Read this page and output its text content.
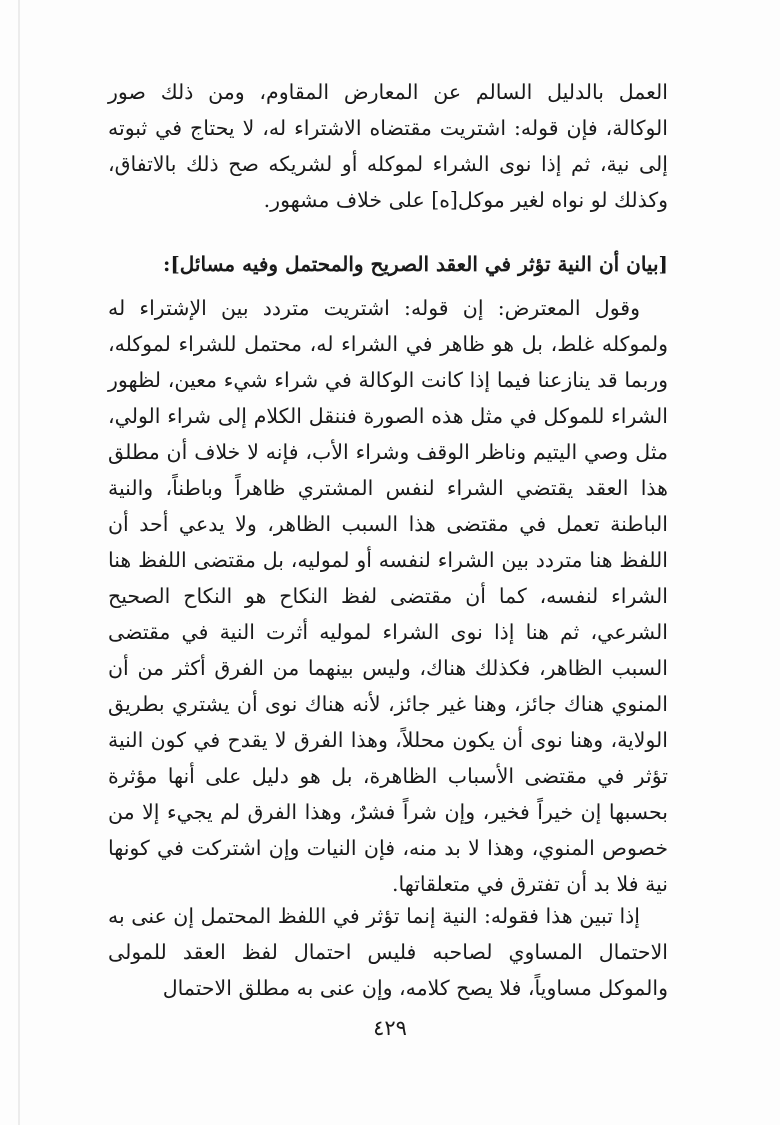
العمل بالدليل السالم عن المعارض المقاوم، ومن ذلك صور الوكالة، فإن قوله: اشتريت مقتضاه الاشتراء له، لا يحتاج في ثبوته إلى نية، ثم إذا نوى الشراء لموكله أو لشريكه صح ذلك بالاتفاق، وكذلك لو نواه لغير موكل[ه] على خلاف مشهور.

[بيان أن النية تؤثر في العقد الصريح والمحتمل وفيه مسائل]:

وقول المعترض: إن قوله: اشتريت متردد بين الإشتراء له ولموكله غلط، بل هو ظاهر في الشراء له، محتمل للشراء لموكله، وربما قد ينازعنا فيما إذا كانت الوكالة في شراء شيء معين، لظهور الشراء للموكل في مثل هذه الصورة فننقل الكلام إلى شراء الولي، مثل وصي اليتيم وناظر الوقف وشراء الأب، فإنه لا خلاف أن مطلق هذا العقد يقتضي الشراء لنفس المشتري ظاهراً وباطناً، والنية الباطنة تعمل في مقتضى هذا السبب الظاهر، ولا يدعي أحد أن اللفظ هنا متردد بين الشراء لنفسه أو لموليه، بل مقتضى اللفظ هنا الشراء لنفسه، كما أن مقتضى لفظ النكاح هو النكاح الصحيح الشرعي، ثم هنا إذا نوى الشراء لموليه أثرت النية في مقتضى السبب الظاهر، فكذلك هناك، وليس بينهما من الفرق أكثر من أن المنوي هناك جائز، وهنا غير جائز، لأنه هناك نوى أن يشتري بطريق الولاية، وهنا نوى أن يكون محللاً، وهذا الفرق لا يقدح في كون النية تؤثر في مقتضى الأسباب الظاهرة، بل هو دليل على أنها مؤثرة بحسبها إن خيراً فخير، وإن شراً فشرٌ، وهذا الفرق لم يجيء إلا من خصوص المنوي، وهذا لا بد منه، فإن النيات وإن اشتركت في كونها نية فلا بد أن تفترق في متعلقاتها.

إذا تبين هذا فقوله: النية إنما تؤثر في اللفظ المحتمل إن عنى به الاحتمال المساوي لصاحبه فليس احتمال لفظ العقد للمولى والموكل مساوياً، فلا يصح كلامه، وإن عنى به مطلق الاحتمال

٤٢٩
